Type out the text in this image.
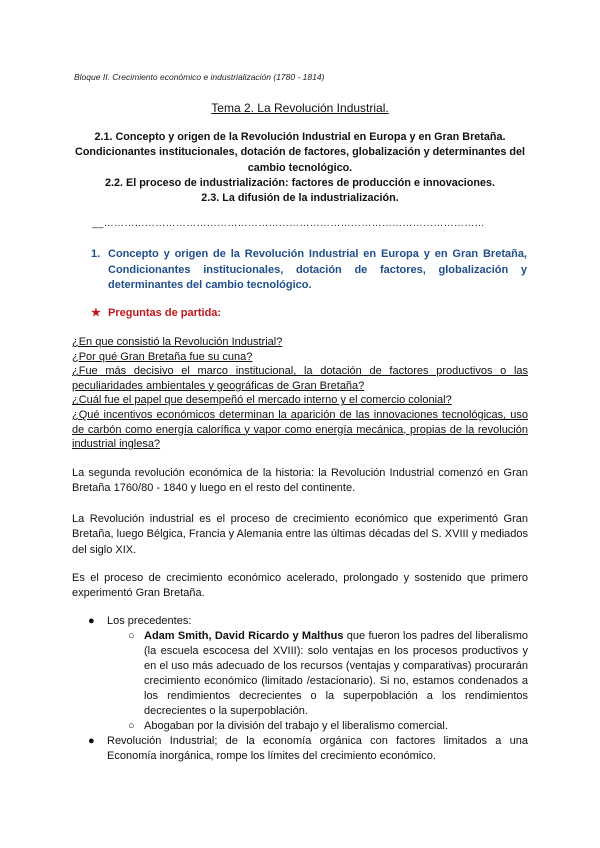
Bloque II. Crecimiento económico e industrialización (1780 - 1814)
Tema 2. La Revolución Industrial.
2.1. Concepto y origen de la Revolución Industrial en Europa y en Gran Bretaña. Condicionantes institucionales, dotación de factores, globalización y determinantes del cambio tecnológico.
2.2. El proceso de industrialización: factores de producción e innovaciones.
2.3. La difusión de la industrialización.
__…………………………………………………………………………………………………
1. Concepto y origen de la Revolución Industrial en Europa y en Gran Bretaña, Condicionantes institucionales, dotación de factores, globalización y determinantes del cambio tecnológico.
★ Preguntas de partida:
¿En que consistió la Revolución Industrial?
¿Por qué Gran Bretaña fue su cuna?
¿Fue más decisivo el marco institucional, la dotación de factores productivos o las peculiaridades ambientales y geográficas de Gran Bretaña?
¿Cuál fue el papel que desempeñó el mercado interno y el comercio colonial?
¿Qué incentivos económicos determinan la aparición de las innovaciones tecnológicas, uso de carbón como energía calorífica y vapor como energía mecánica, propias de la revolución industrial inglesa?
La segunda revolución económica de la historia: la Revolución Industrial comenzó en Gran Bretaña 1760/80 - 1840 y luego en el resto del continente.
La Revolución industrial es el proceso de crecimiento económico que experimentó Gran Bretaña, luego Bélgica, Francia y Alemania entre las últimas décadas del S. XVIII y mediados del siglo XIX.
Es el proceso de crecimiento económico acelerado, prolongado y sostenido que primero experimentó Gran Bretaña.
● Los precedentes:
○ Adam Smith, David Ricardo y Malthus que fueron los padres del liberalismo (la escuela escocesa del XVIII): solo ventajas en los procesos productivos y en el uso más adecuado de los recursos (ventajas y comparativas) procurarán crecimiento económico (limitado /estacionario). Si no, estamos condenados a los rendimientos decrecientes o la superpoblación a los rendimientos decrecientes o la superpoblación.
○ Abogaban por la división del trabajo y el liberalismo comercial.
● Revolución Industrial; de la economía orgánica con factores limitados a una Economía inorgánica, rompe los límites del crecimiento económico.
